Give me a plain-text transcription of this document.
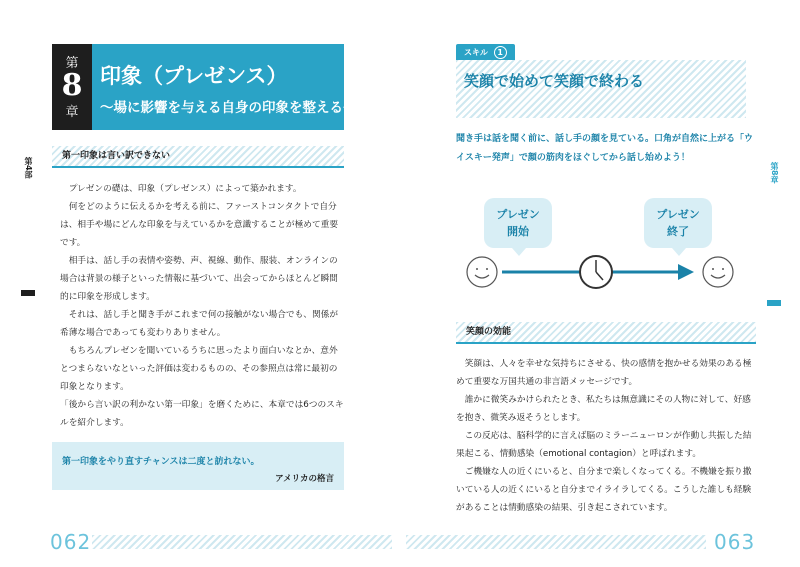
第4部
自分、相手、場に影響を与えるプレゼンスキル30
第
8
章
印象（プレゼンス）
〜場に影響を与える自身の印象を整える〜
第一印象は言い訳できない

プレゼンの礎は、印象（プレゼンス）によって築かれます。

何をどのように伝えるかを考える前に、ファーストコンタクトで自分は、相手や場にどんな印象を与えているかを意識することが極めて重要です。

相手は、話し手の表情や姿勢、声、視線、動作、服装、オンラインの場合は背景の様子といった情報に基づいて、出会ってからほとんど瞬間的に印象を形成します。

それは、話し手と聞き手がこれまで何の接触がない場合でも、関係が希薄な場合であっても変わりありません。

もちろんプレゼンを聞いているうちに思ったより面白いなとか、意外とつまらないなといった評価は変わるものの、その参照点は常に最初の印象となります。

「後から言い訳の利かない第一印象」を磨くために、本章では6つのスキルを紹介します。

第一印象をやり直すチャンスは二度と訪れない。
アメリカの格言
062
スキル 1
笑顔で始めて笑顔で終わる
聞き手は話を聞く前に、話し手の顔を見ている。口角が自然に上がる「ウイスキー発声」で顔の筋肉をほぐしてから話し始めよう！
プレゼン
開始
プレゼン
終了
笑顔の効能

笑顔は、人々を幸せな気持ちにさせる、快の感情を抱かせる効果のある極めて重要な万国共通の非言語メッセージです。

誰かに微笑みかけられたとき、私たちは無意識にその人物に対して、好感を抱き、微笑み返そうとします。

この反応は、脳科学的に言えば脳のミラーニューロンが作動し共振した結果起こる、情動感染（emotional contagion）と呼ばれます。

ご機嫌な人の近くにいると、自分まで楽しくなってくる。不機嫌を振り撒いている人の近くにいると自分までイライラしてくる。こうした誰しも経験があることは情動感染の結果、引き起こされています。

第8章
印象（プレゼンス）〜場に影響を与える自身の印象を整える〜
063
